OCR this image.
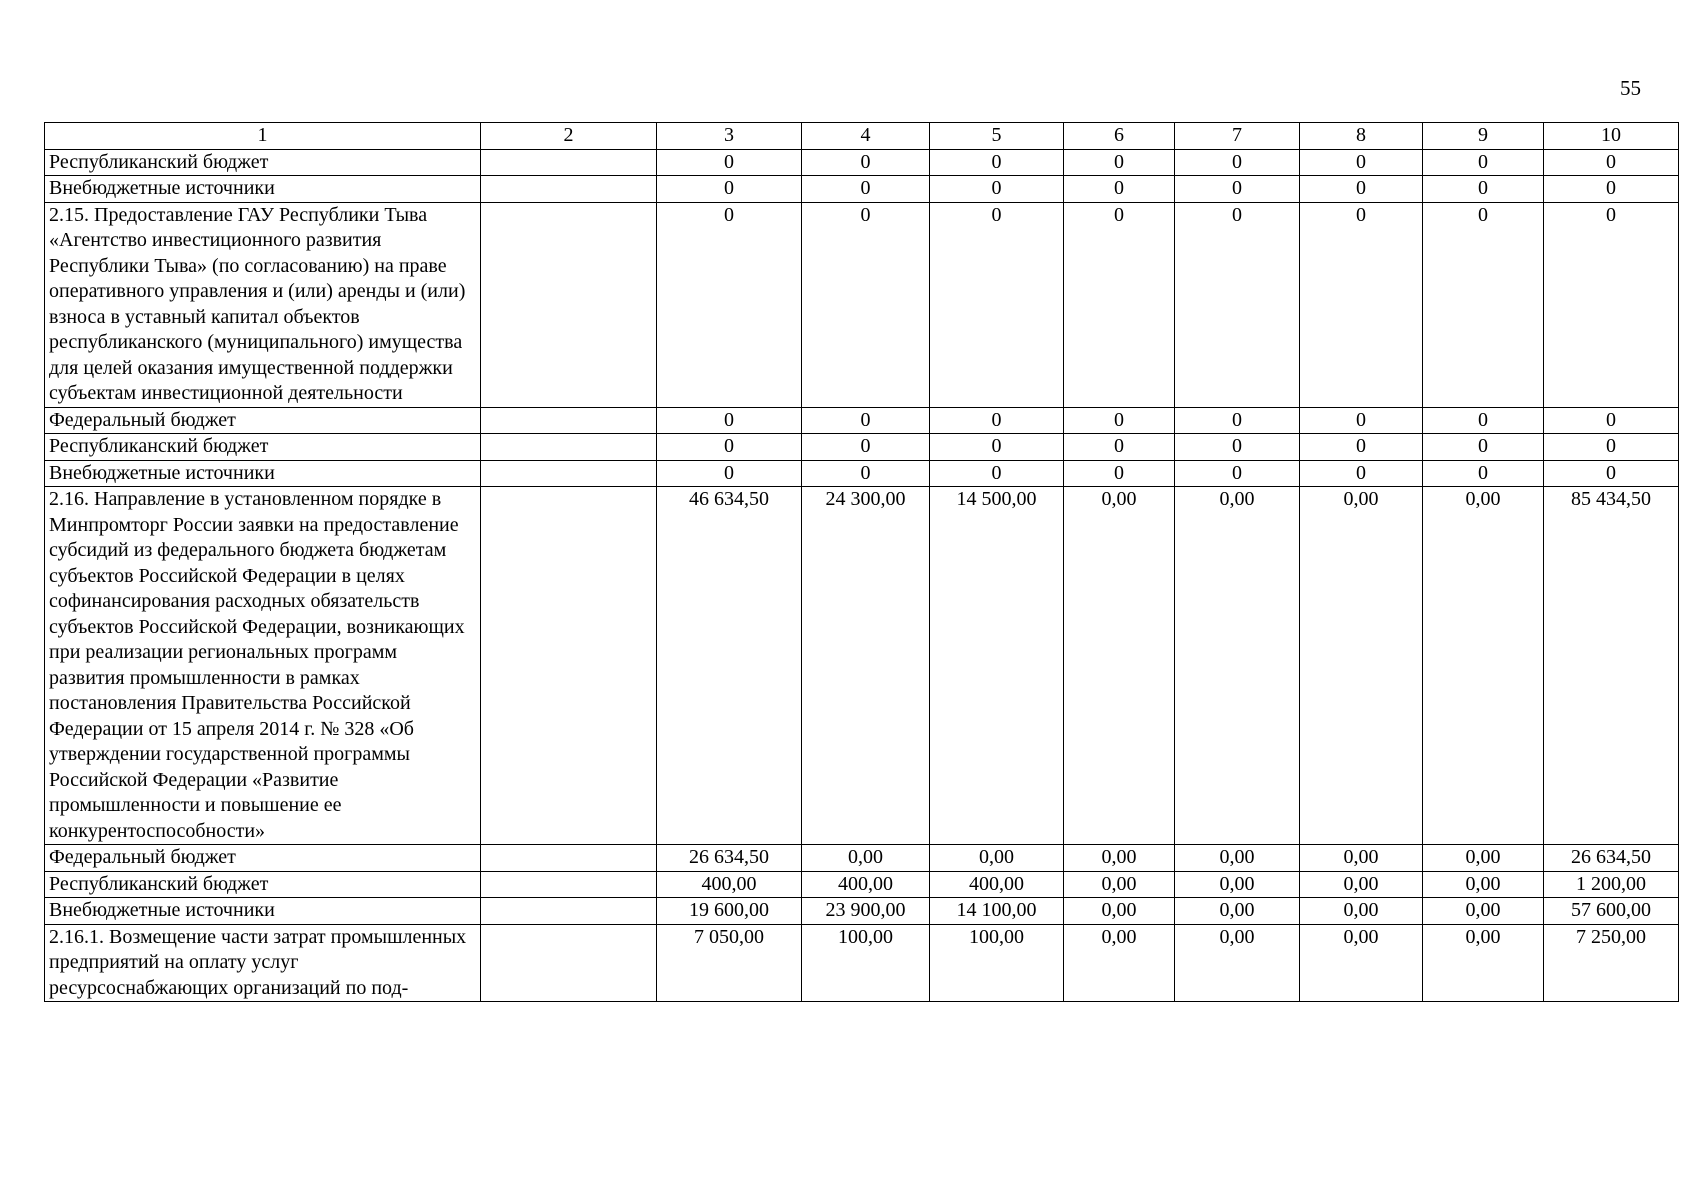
55
1	2	3	4	5	6	7	8	9	10
Республиканский бюджет		0	0	0	0	0	0	0	0
Внебюджетные источники		0	0	0	0	0	0	0	0
2.15. Предоставление ГАУ Республики Тыва «Агентство инвестиционного развития Республики Тыва» (по согласованию) на праве оперативного управления и (или) аренды и (или) взноса в уставный капитал объектов республиканского (муниципального) имущества для целей оказания имущественной поддержки субъектам инвестиционной деятельности		0	0	0	0	0	0	0	0
Федеральный бюджет		0	0	0	0	0	0	0	0
Республиканский бюджет		0	0	0	0	0	0	0	0
Внебюджетные источники		0	0	0	0	0	0	0	0
2.16. Направление в установленном порядке в Минпромторг России заявки на предоставление субсидий из федерального бюджета бюджетам субъектов Российской Федерации в целях софинансирования расходных обязательств субъектов Российской Федерации, возникающих при реализации региональных программ развития промышленности в рамках постановления Правительства Российской Федерации от 15 апреля 2014 г. № 328 «Об утверждении государственной программы Российской Федерации «Развитие промышленности и повышение ее конкурентоспособности»		46 634,50	24 300,00	14 500,00	0,00	0,00	0,00	0,00	85 434,50
Федеральный бюджет		26 634,50	0,00	0,00	0,00	0,00	0,00	0,00	26 634,50
Республиканский бюджет		400,00	400,00	400,00	0,00	0,00	0,00	0,00	1 200,00
Внебюджетные источники		19 600,00	23 900,00	14 100,00	0,00	0,00	0,00	0,00	57 600,00
2.16.1. Возмещение части затрат промышленных предприятий на оплату услуг ресурсоснабжающих организаций по под-		7 050,00	100,00	100,00	0,00	0,00	0,00	0,00	7 250,00
